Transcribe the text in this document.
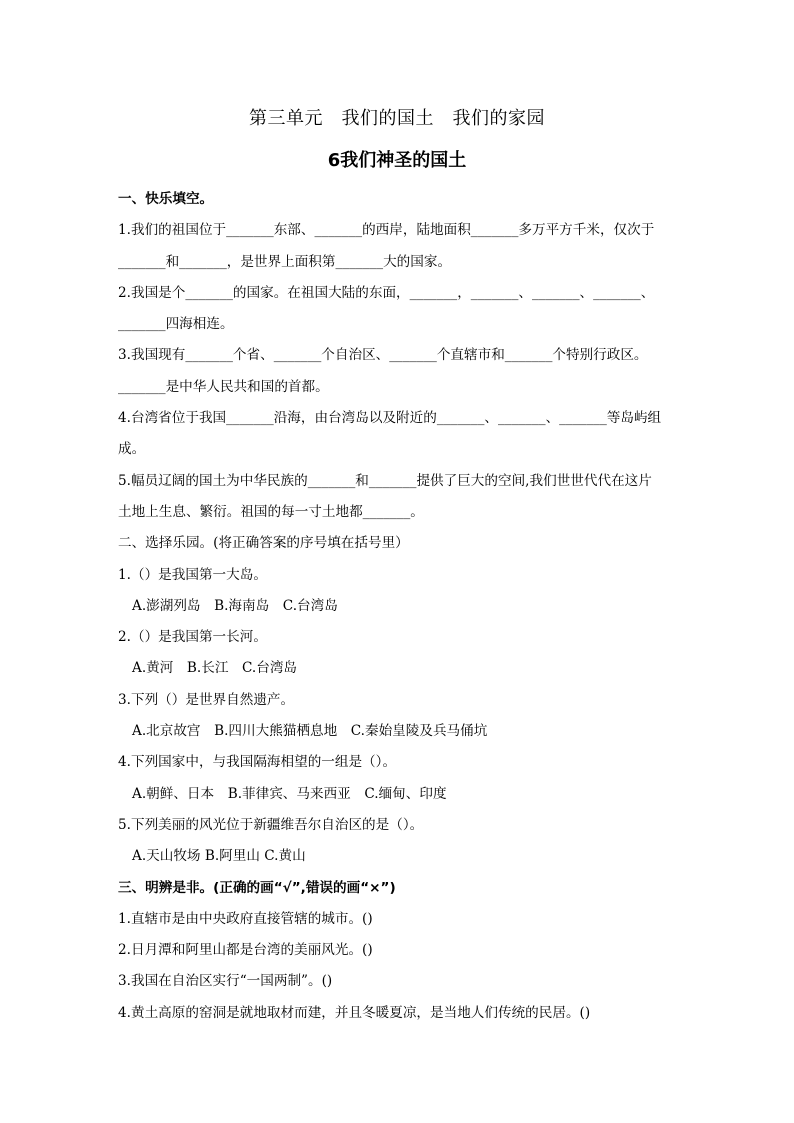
第三单元　我们的国土　我们的家园
6我们神圣的国土
一、快乐填空。
1.我们的祖国位于_______东部、_______的西岸，陆地面积_______多万平方千米，仅次于
_______和_______，是世界上面积第_______大的国家。
2.我国是个_______的国家。在祖国大陆的东面，_______，_______、_______、_______、
_______四海相连。
3.我国现有_______个省、_______个自治区、_______个直辖市和_______个特别行政区。
_______是中华人民共和国的首都。
4.台湾省位于我国_______沿海，由台湾岛以及附近的_______、_______、_______等岛屿组
成。
5.幅员辽阔的国土为中华民族的_______和_______提供了巨大的空间,我们世世代代在这片
土地上生息、繁衍。祖国的每一寸土地都_______。
二、选择乐园。(将正确答案的序号填在括号里）
1.（）是我国第一大岛。
A.澎湖列岛　B.海南岛　C.台湾岛
2.（）是我国第一长河。
A.黄河　B.长江　C.台湾岛
3.下列（）是世界自然遗产。
A.北京故宫　B.四川大熊猫栖息地　C.秦始皇陵及兵马俑坑
4.下列国家中，与我国隔海相望的一组是（）。
A.朝鲜、日本　B.菲律宾、马来西亚　C.缅甸、印度
5.下列美丽的风光位于新疆维吾尔自治区的是（）。
A.天山牧场 B.阿里山 C.黄山
三、明辨是非。(正确的画“√”,错误的画“×”)
1.直辖市是由中央政府直接管辖的城市。()
2.日月潭和阿里山都是台湾的美丽风光。()
3.我国在自治区实行“一国两制”。()
4.黄土高原的窑洞是就地取材而建，并且冬暖夏凉，是当地人们传统的民居。()
